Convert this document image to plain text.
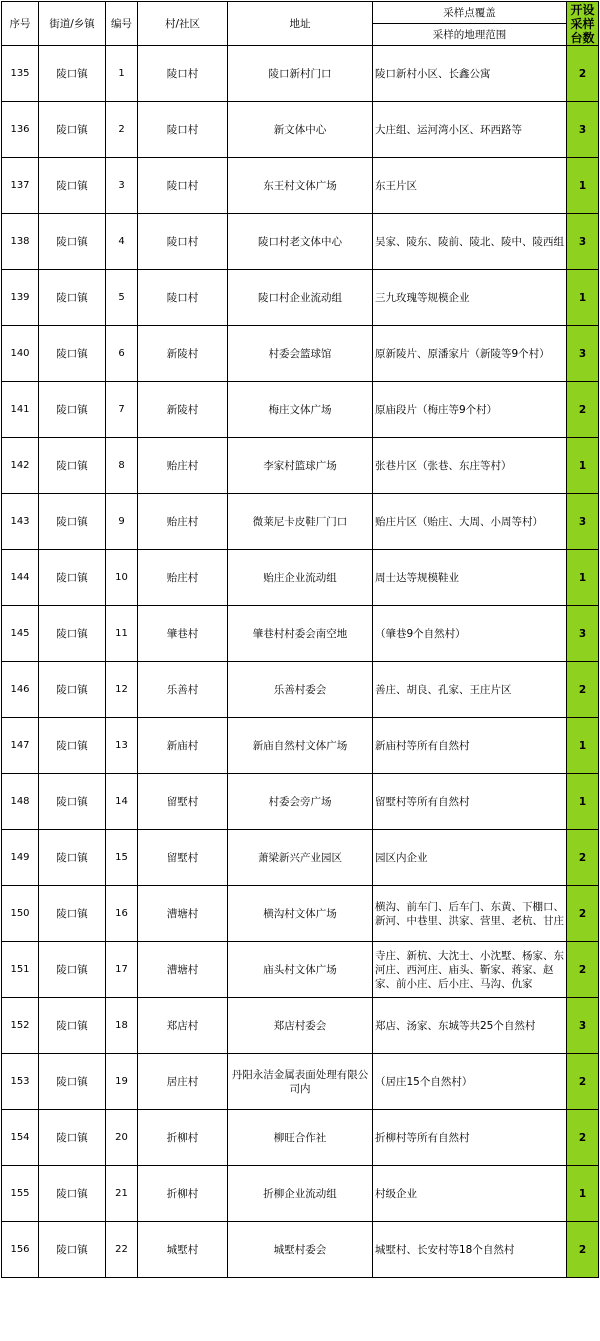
序号	街道/乡镇	编号	村/社区	地址	采样点覆盖	开设
采样
台数

					采样的地理范围	
135	陵口镇	1	陵口村	陵口新村门口	陵口新村小区、长鑫公寓	2
136	陵口镇	2	陵口村	新文体中心	大庄组、运河湾小区、环西路等	3
137	陵口镇	3	陵口村	东王村文体广场	东王片区	1
138	陵口镇	4	陵口村	陵口村老文体中心	吴家、陵东、陵前、陵北、陵中、陵西组	3
139	陵口镇	5	陵口村	陵口村企业流动组	三九玫瑰等规模企业	1
140	陵口镇	6	新陵村	村委会篮球馆	原新陵片、原潘家片（新陵等9个村）	3
141	陵口镇	7	新陵村	梅庄文体广场	原庙段片（梅庄等9个村）	2
142	陵口镇	8	贻庄村	李家村篮球广场	张巷片区（张巷、东庄等村）	1
143	陵口镇	9	贻庄村	微莱尼卡皮鞋厂门口	贻庄片区（贻庄、大周、小周等村）	3
144	陵口镇	10	贻庄村	贻庄企业流动组	周士达等规模鞋业	1
145	陵口镇	11	肇巷村	肇巷村村委会南空地	（肇巷9个自然村）	3
146	陵口镇	12	乐善村	乐善村委会	善庄、胡良、孔家、王庄片区	2
147	陵口镇	13	新庙村	新庙自然村文体广场	新庙村等所有自然村	1
148	陵口镇	14	留墅村	村委会旁广场	留墅村等所有自然村	1
149	陵口镇	15	留墅村	萧梁新兴产业园区	园区内企业	2
150	陵口镇	16	漕塘村	横沟村文体广场	横沟、前车门、后车门、东黄、下棚口、新河、中巷里、洪家、营里、老杭、甘庄	2
151	陵口镇	17	漕塘村	庙头村文体广场	寺庄、新杭、大沈士、小沈墅、杨家、东河庄、西河庄、庙头、靳家、蒋家、赵家、前小庄、后小庄、马沟、仇家	2
152	陵口镇	18	郑店村	郑店村委会	郑店、汤家、东城等共25个自然村	3
153	陵口镇	19	居庄村	丹阳永洁金属表面处理有限公司内	（居庄15个自然村）	2
154	陵口镇	20	折柳村	柳旺合作社	折柳村等所有自然村	2
155	陵口镇	21	折柳村	折柳企业流动组	村级企业	1
156	陵口镇	22	城墅村	城墅村委会	城墅村、长安村等18个自然村	2
